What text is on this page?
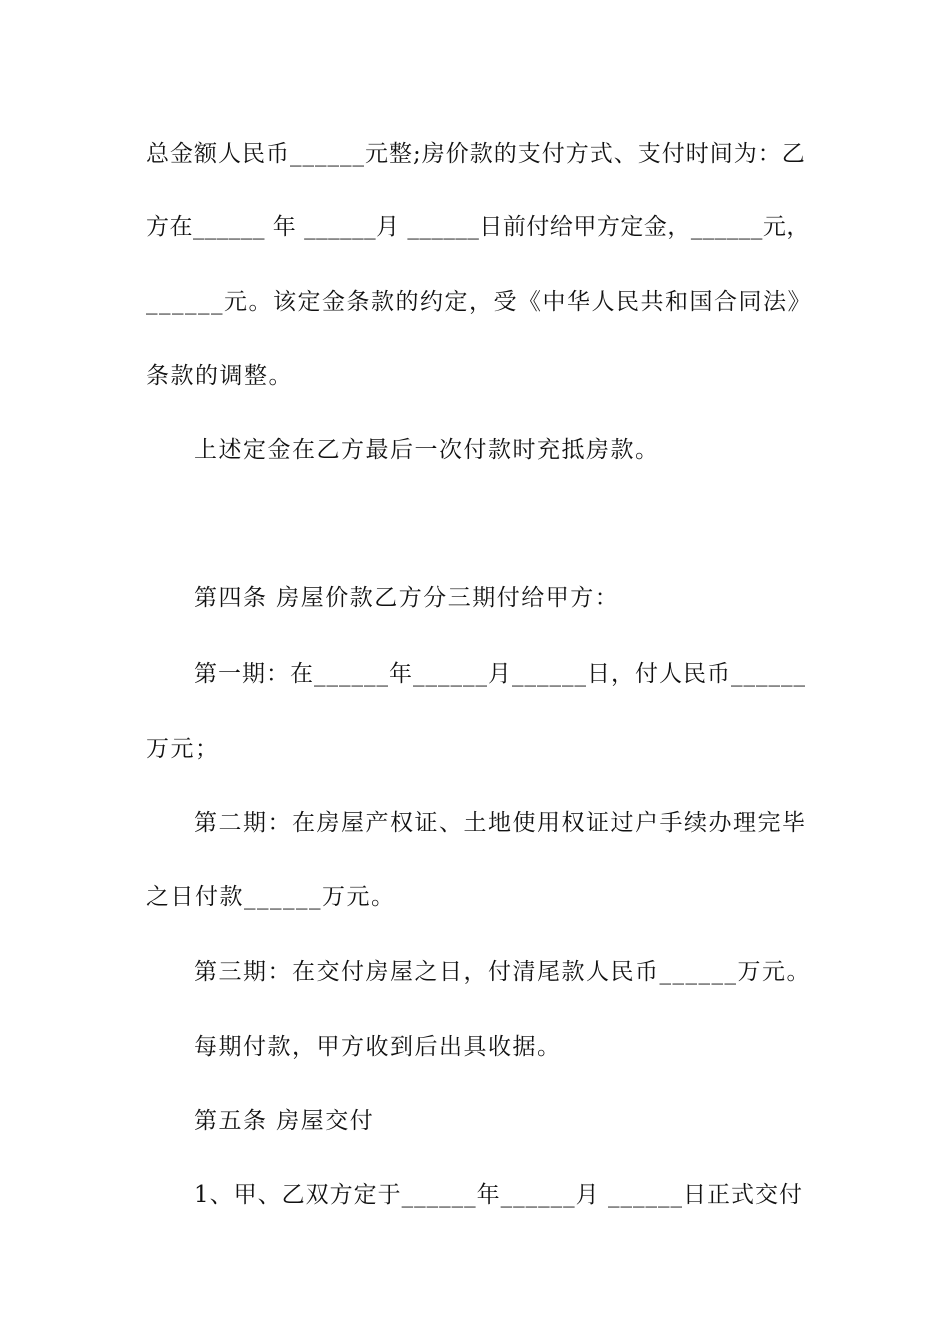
总金额人民币______元整;房价款的支付方式、支付时间为：乙
方在______ 年 ______月 ______日前付给甲方定金，______元，
______元。该定金条款的约定，受《中华人民共和国合同法》
条款的调整。
上述定金在乙方最后一次付款时充抵房款。
第四条 房屋价款乙方分三期付给甲方：
第一期：在______年______月______日，付人民币______
万元；
第二期：在房屋产权证、土地使用权证过户手续办理完毕
之日付款______万元。
第三期：在交付房屋之日，付清尾款人民币______万元。
每期付款，甲方收到后出具收据。
第五条 房屋交付
1、甲、乙双方定于______年______月 ______日正式交付
